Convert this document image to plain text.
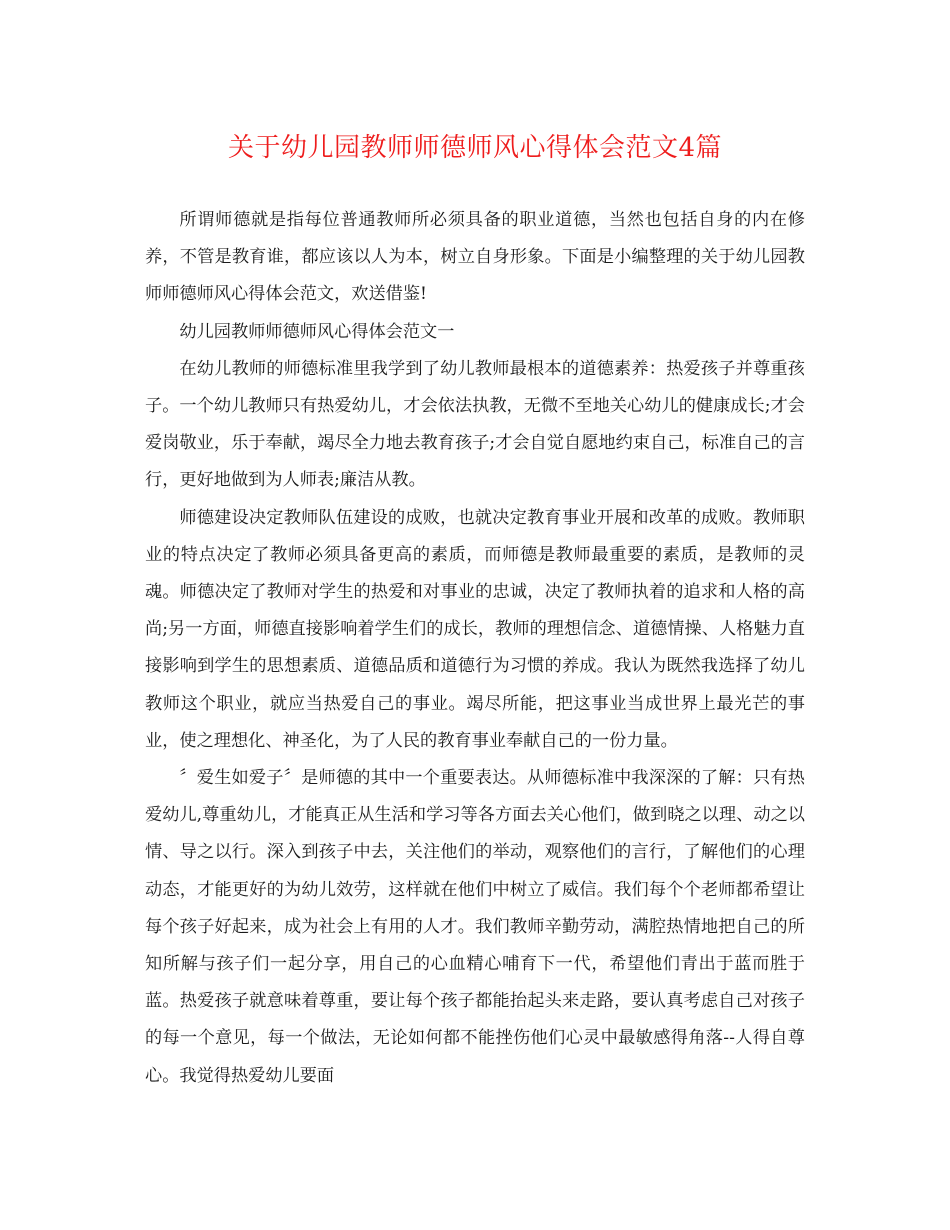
关于幼儿园教师师德师风心得体会范文4篇

所谓师德就是指每位普通教师所必须具备的职业道德，当然也包括自身的内在修养，不管是教育谁，都应该以人为本，树立自身形象。下面是小编整理的关于幼儿园教师师德师风心得体会范文，欢送借鉴!

幼儿园教师师德师风心得体会范文一

在幼儿教师的师德标准里我学到了幼儿教师最根本的道德素养：热爱孩子并尊重孩子。一个幼儿教师只有热爱幼儿，才会依法执教，无微不至地关心幼儿的健康成长;才会爱岗敬业，乐于奉献，竭尽全力地去教育孩子;才会自觉自愿地约束自己，标准自己的言行，更好地做到为人师表;廉洁从教。

师德建设决定教师队伍建设的成败，也就决定教育事业开展和改革的成败。教师职业的特点决定了教师必须具备更高的素质，而师德是教师最重要的素质，是教师的灵魂。师德决定了教师对学生的热爱和对事业的忠诚，决定了教师执着的追求和人格的高尚;另一方面，师德直接影响着学生们的成长，教师的理想信念、道德情操、人格魅力直接影响到学生的思想素质、道德品质和道德行为习惯的养成。我认为既然我选择了幼儿教师这个职业，就应当热爱自己的事业。竭尽所能，把这事业当成世界上最光芒的事业，使之理想化、神圣化，为了人民的教育事业奉献自己的一份力量。

〞爱生如爱子〞是师德的其中一个重要表达。从师德标准中我深深的了解：只有热爱幼儿,尊重幼儿，才能真正从生活和学习等各方面去关心他们，做到晓之以理、动之以情、导之以行。深入到孩子中去，关注他们的举动，观察他们的言行，了解他们的心理动态，才能更好的为幼儿效劳，这样就在他们中树立了威信。我们每个个老师都希望让每个孩子好起来，成为社会上有用的人才。我们教师辛勤劳动，满腔热情地把自己的所知所解与孩子们一起分享，用自己的心血精心哺育下一代，希望他们青出于蓝而胜于蓝。热爱孩子就意味着尊重，要让每个孩子都能抬起头来走路，要认真考虑自己对孩子的每一个意见，每一个做法，无论如何都不能挫伤他们心灵中最敏感得角落--人得自尊心。我觉得热爱幼儿要面
